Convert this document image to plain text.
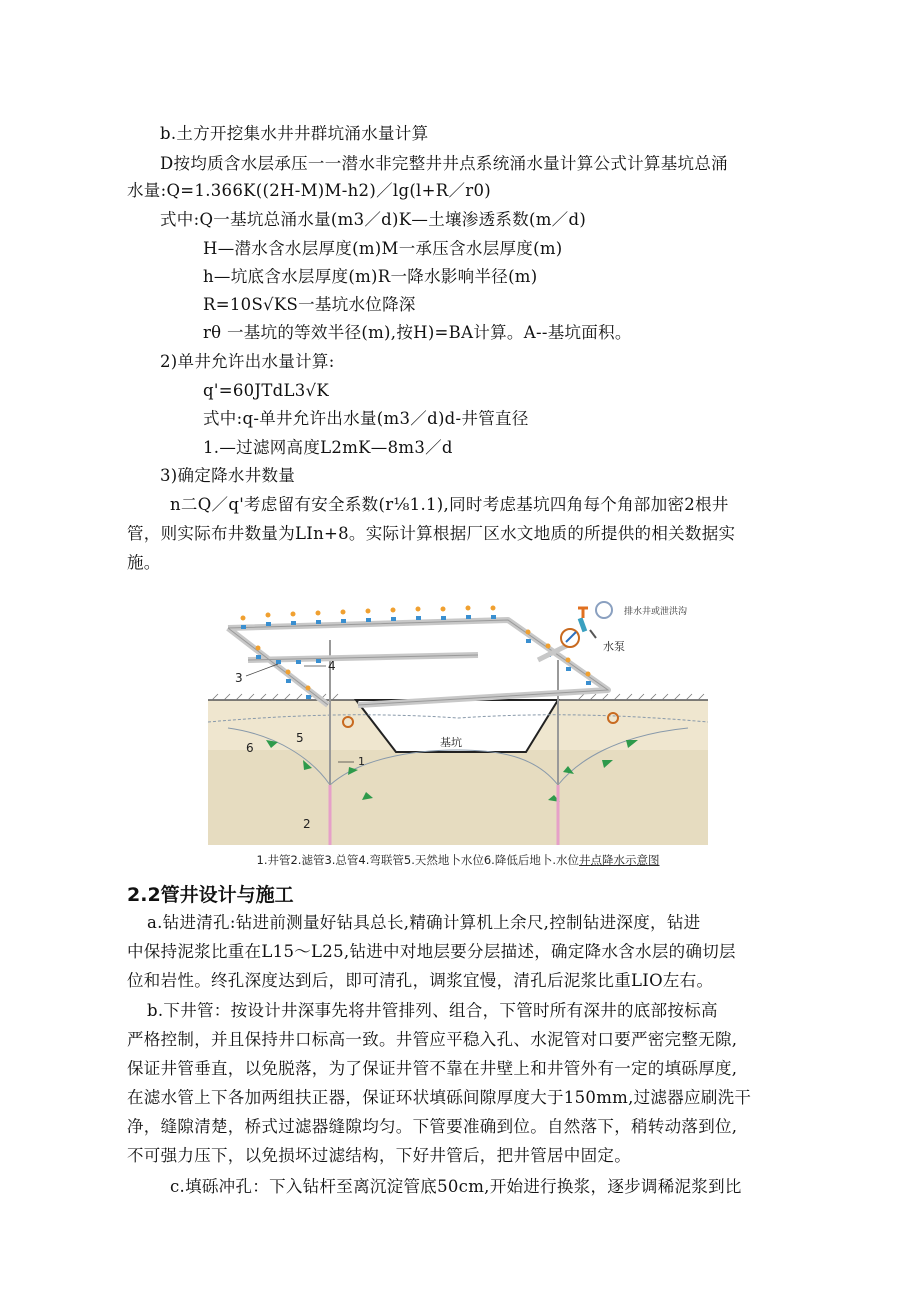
b.土方开挖集水井井群坑涌水量计算
D按均质含水层承压一一潜水非完整井井点系统涌水量计算公式计算基坑总涌
水量:Q=1.366K((2H-M)M-h2)／lg(l+R／r0)
式中:Q一基坑总涌水量(m3／d)K—土壤渗透系数(m／d)
H—潜水含水层厚度(m)M一承压含水层厚度(m)
h—坑底含水层厚度(m)R一降水影响半径(m)
R=10S√KS一基坑水位降深
rθ 一基坑的等效半径(m),按H)=BA计算。A--基坑面积。
2)单井允许出水量计算:
q'=60JTdL3√K
式中:q-单井允许出水量(m3／d)d-井管直径
1.—过滤网高度L2mK—8m3／d
3)确定降水井数量
n二Q／q'考虑留有安全系数(r⅛1.1),同时考虑基坑四角每个角部加密2根井
管，则实际布井数量为LIn+8。实际计算根据厂区水文地质的所提供的相关数据实
施。
排水井或泄洪沟
水泵
基坑
1
2
3
4
5
6
1.井管2.滤管3.总管4.弯联管5.天然地卜水位6.降低后地卜.水位井点降水示意图
2.2管井设计与施工
a.钻进清孔:钻进前测量好钻具总长,精确计算机上余尺,控制钻进深度，钻进
中保持泥浆比重在L15〜L25,钻进中对地层要分层描述，确定降水含水层的确切层
位和岩性。终孔深度达到后，即可清孔，调浆宜慢，清孔后泥浆比重LIO左右。
b.下井管：按设计井深事先将井管排列、组合，下管时所有深井的底部按标高
严格控制，并且保持井口标高一致。井管应平稳入孔、水泥管对口要严密完整无隙,
保证井管垂直，以免脱落，为了保证井管不靠在井壁上和井管外有一定的填砾厚度,
在滤水管上下各加两组扶正器，保证环状填砾间隙厚度大于150mm,过滤器应刷洗干
净，缝隙清楚，桥式过滤器缝隙均匀。下管要准确到位。自然落下，稍转动落到位,
不可强力压下，以免损坏过滤结构，下好井管后，把井管居中固定。
c.填砾冲孔：下入钻杆至离沉淀管底50cm,开始进行换浆，逐步调稀泥浆到比
